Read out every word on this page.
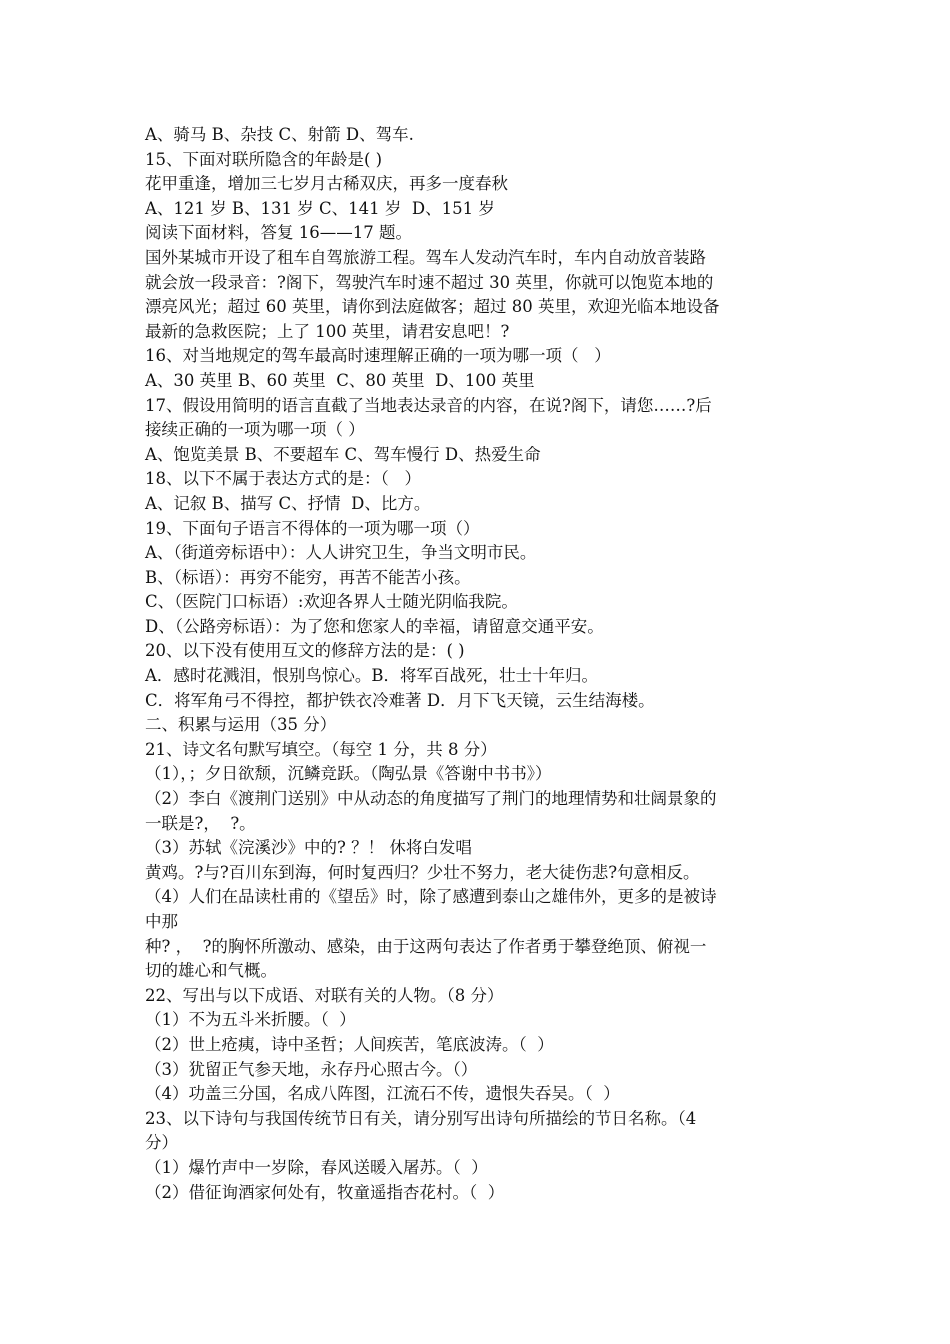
A、骑马 B、杂技 C、射箭 D、驾车.
15、下面对联所隐含的年龄是( )
花甲重逢，增加三七岁月古稀双庆，再多一度春秋
A、121 岁 B、131 岁 C、141 岁  D、151 岁
阅读下面材料，答复 16——17 题。
国外某城市开设了租车自驾旅游工程。驾车人发动汽车时，车内自动放音装路
就会放一段录音：?阁下，驾驶汽车时速不超过 30 英里，你就可以饱览本地的
漂亮风光；超过 60 英里，请你到法庭做客；超过 80 英里，欢迎光临本地设备
最新的急救医院；上了 100 英里，请君安息吧！?
16、对当地规定的驾车最高时速理解正确的一项为哪一项（   ）
A、30 英里 B、60 英里  C、80 英里  D、100 英里
17、假设用简明的语言直截了当地表达录音的内容，在说?阁下，请您……?后
接续正确的一项为哪一项（ ）
A、饱览美景 B、不要超车 C、驾车慢行 D、热爱生命
18、以下不属于表达方式的是：（   ）
A、记叙 B、描写 C、抒情  D、比方。
19、下面句子语言不得体的一项为哪一项（）
A、（街道旁标语中）：人人讲究卫生，争当文明市民。
B、（标语）：再穷不能穷，再苦不能苦小孩。
C、（医院门口标语）:欢迎各界人士随光阴临我院。
D、（公路旁标语）：为了您和您家人的幸福，请留意交通平安。
20、以下没有使用互文的修辞方法的是：( )
A．感时花溅泪，恨别鸟惊心。B．将军百战死，壮士十年归。
C．将军角弓不得控，都护铁衣冷难著 D．月下飞天镜，云生结海楼。
二、积累与运用（35 分）
21、诗文名句默写填空。（每空 1 分，共 8 分）
（1），；夕日欲颓，沉鳞竞跃。（陶弘景《答谢中书书》）
（2）李白《渡荆门送别》中从动态的角度描写了荆门的地理情势和壮阔景象的
一联是?，  ?。
（3）苏轼《浣溪沙》中的? ？！ 休将白发唱
黄鸡。?与?百川东到海，何时复西归？少壮不努力，老大徒伤悲?句意相反。
（4）人们在品读杜甫的《望岳》时，除了感遭到泰山之雄伟外，更多的是被诗
中那
种? ，  ?的胸怀所激动、感染，由于这两句表达了作者勇于攀登绝顶、俯视一
切的雄心和气概。
22、写出与以下成语、对联有关的人物。（8 分）
（1）不为五斗米折腰。（  ）
（2）世上疮痍，诗中圣哲；人间疾苦，笔底波涛。（  ）
（3）犹留正气参天地，永存丹心照古今。（）
（4）功盖三分国，名成八阵图，江流石不传，遗恨失吞吴。（  ）
23、以下诗句与我国传统节日有关，请分别写出诗句所描绘的节日名称。（4
分）
（1）爆竹声中一岁除，春风送暖入屠苏。（  ）
（2）借征询酒家何处有，牧童遥指杏花村。（  ）
